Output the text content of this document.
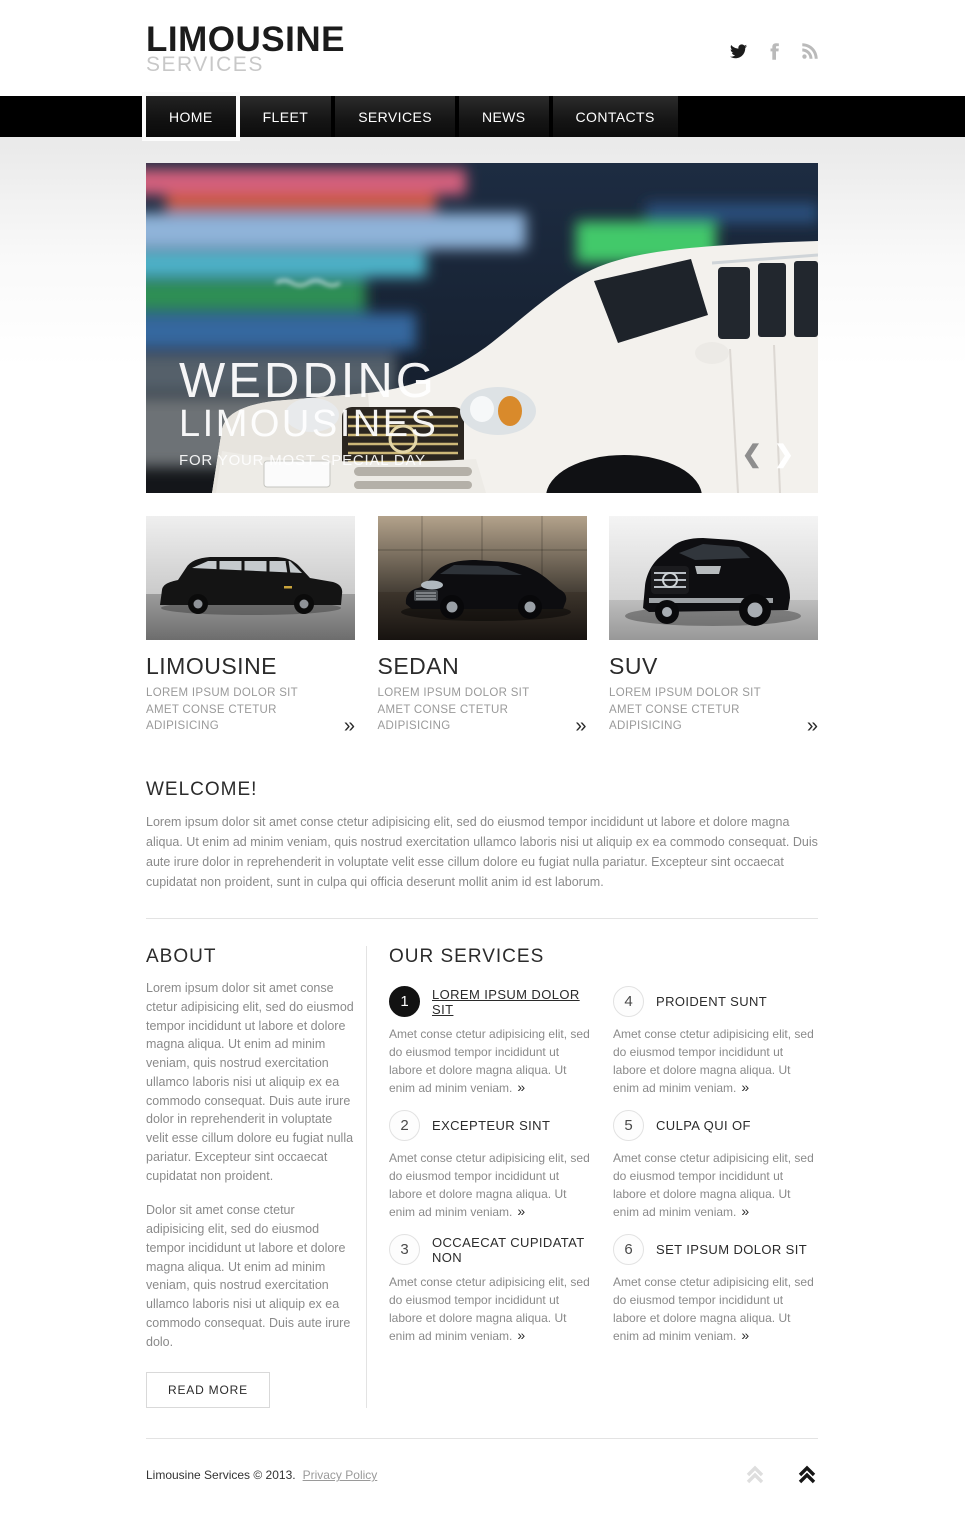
LIMOUSINE
SERVICES
HOME	FLEET	SERVICES	NEWS	CONTACTS
WEDDING
LIMOUSINES
FOR YOUR MOST SPECIAL DAY	❮ ❯
LIMOUSINE

LOREM IPSUM DOLOR SIT AMET CONSE CTETUR ADIPISICING	»
SEDAN

LOREM IPSUM DOLOR SIT AMET CONSE CTETUR ADIPISICING	»
SUV

LOREM IPSUM DOLOR SIT AMET CONSE CTETUR ADIPISICING	»
WELCOME!

Lorem ipsum dolor sit amet conse ctetur adipisicing elit, sed do eiusmod tempor incididunt ut labore et dolore magna aliqua. Ut enim ad minim veniam, quis nostrud exercitation ullamco laboris nisi ut aliquip ex ea commodo consequat. Duis aute irure dolor in reprehenderit in voluptate velit esse cillum dolore eu fugiat nulla pariatur. Excepteur sint occaecat cupidatat non proident, sunt in culpa qui officia deserunt mollit anim id est laborum.

ABOUT

Lorem ipsum dolor sit amet conse ctetur adipisicing elit, sed do eiusmod tempor incididunt ut labore et dolore magna aliqua. Ut enim ad minim veniam, quis nostrud exercitation ullamco laboris nisi ut aliquip ex ea commodo consequat. Duis aute irure dolor in reprehenderit in voluptate velit esse cillum dolore eu fugiat nulla pariatur. Excepteur sint occaecat cupidatat non proident.

Dolor sit amet conse ctetur adipisicing elit, sed do eiusmod tempor incididunt ut labore et dolore magna aliqua. Ut enim ad minim veniam, quis nostrud exercitation ullamco laboris nisi ut aliquip ex ea commodo consequat. Duis aute irure dolo.

READ MORE
OUR SERVICES
1	LOREM IPSUM DOLOR SIT

Amet conse ctetur adipisicing elit, sed do eiusmod tempor incididunt ut labore et dolore magna aliqua. Ut enim ad minim veniam. »

4	PROIDENT SUNT

Amet conse ctetur adipisicing elit, sed do eiusmod tempor incididunt ut labore et dolore magna aliqua. Ut enim ad minim veniam. »

2	EXCEPTEUR SINT

Amet conse ctetur adipisicing elit, sed do eiusmod tempor incididunt ut labore et dolore magna aliqua. Ut enim ad minim veniam. »

5	CULPA QUI OF

Amet conse ctetur adipisicing elit, sed do eiusmod tempor incididunt ut labore et dolore magna aliqua. Ut enim ad minim veniam. »

3	OCCAECAT CUPIDATAT NON

Amet conse ctetur adipisicing elit, sed do eiusmod tempor incididunt ut labore et dolore magna aliqua. Ut enim ad minim veniam. »

6	SET IPSUM DOLOR SIT

Amet conse ctetur adipisicing elit, sed do eiusmod tempor incididunt ut labore et dolore magna aliqua. Ut enim ad minim veniam. »

Limousine Services © 2013. Privacy Policy
